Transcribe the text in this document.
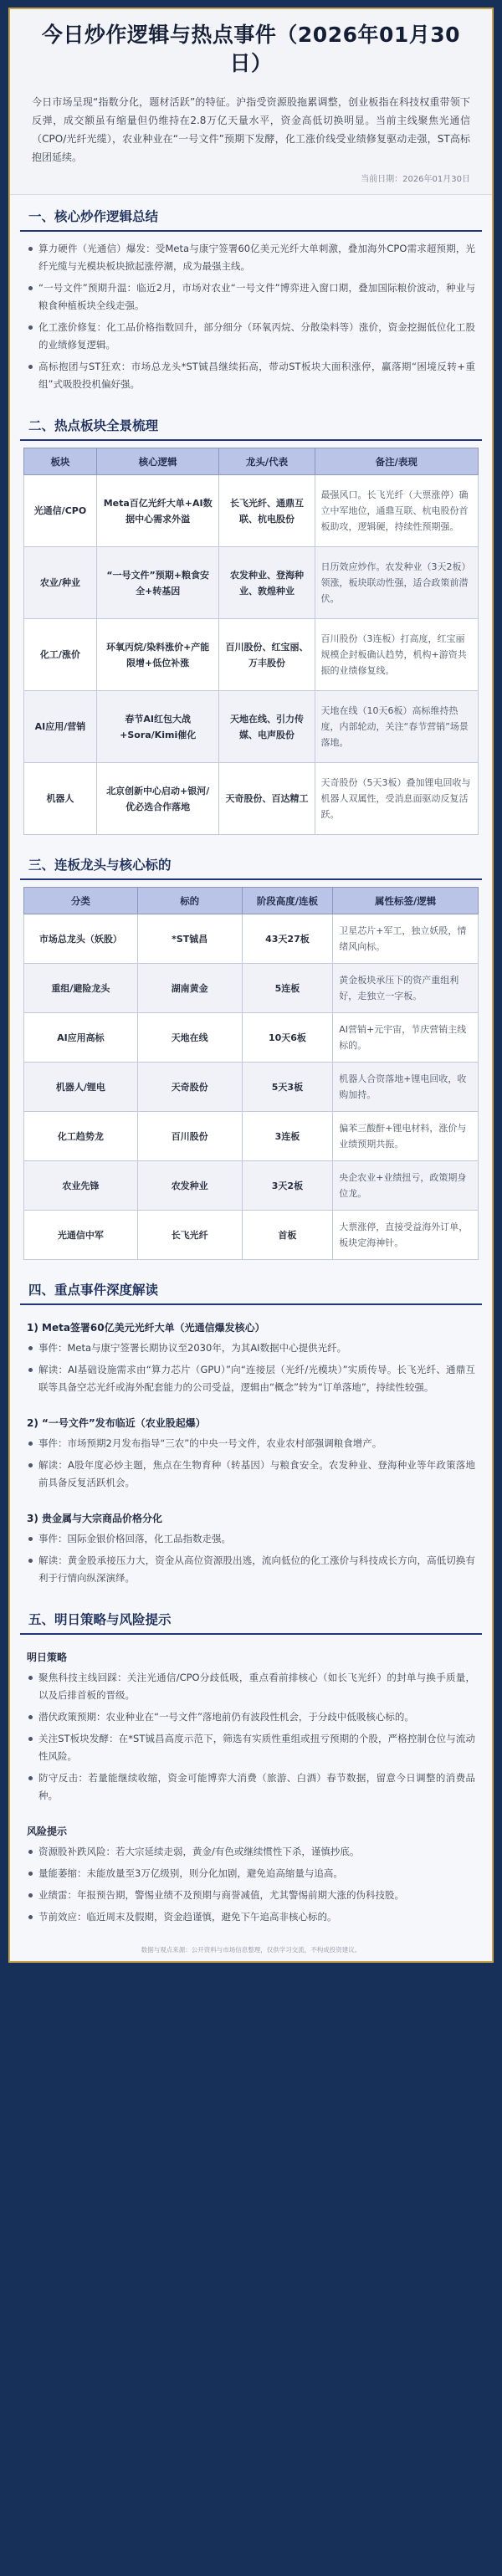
今日炒作逻辑与热点事件（2026年01月30日）

今日市场呈现“指数分化，题材活跃”的特征。沪指受资源股拖累调整，创业板指在科技权重带领下反弹，成交额虽有缩量但仍维持在2.8万亿天量水平，资金高低切换明显。当前主线聚焦光通信（CPO/光纤光缆），农业种业在“一号文件”预期下发酵，化工涨价线受业绩修复驱动走强，ST高标抱团延续。

当前日期：2026年01月30日

一、核心炒作逻辑总结
算力硬件（光通信）爆发：受Meta与康宁签署60亿美元光纤大单刺激，叠加海外CPO需求超预期，光纤光缆与光模块板块掀起涨停潮，成为最强主线。
“一号文件”预期升温：临近2月，市场对农业“一号文件”博弈进入窗口期，叠加国际粮价波动，种业与粮食种植板块全线走强。
化工涨价修复：化工品价格指数回升，部分细分（环氧丙烷、分散染料等）涨价，资金挖掘低位化工股的业绩修复逻辑。
高标抱团与ST狂欢：市场总龙头*ST铖昌继续拓高，带动ST板块大面积涨停，赢落期“困境反转+重组”式吸股投机偏好强。
二、热点板块全景梳理
板块	核心逻辑	龙头/代表	备注/表现
光通信/CPO	Meta百亿光纤大单+AI数据中心需求外溢	长飞光纤、通鼎互联、杭电股份	最强风口。长飞光纤（大票涨停）确立中军地位，通鼎互联、杭电股份首板助攻，逻辑硬，持续性预期强。
农业/种业	“一号文件”预期+粮食安全+转基因	农发种业、登海种业、敦煌种业	日历效应炒作。农发种业（3天2板）领涨，板块联动性强，适合政策前潜伏。
化工/涨价	环氧丙烷/染料涨价+产能限增+低位补涨	百川股份、红宝丽、万丰股份	百川股份（3连板）打高度，红宝丽规模企封板确认趋势，机构+游资共振的业绩修复线。
AI应用/营销	春节AI红包大战+Sora/Kimi催化	天地在线、引力传媒、电声股份	天地在线（10天6板）高标维持热度，内部轮动，关注“春节营销”场景落地。
机器人	北京创新中心启动+银河/优必选合作落地	天奇股份、百达精工	天奇股份（5天3板）叠加锂电回收与机器人双属性，受消息面驱动反复活跃。
三、连板龙头与核心标的
分类	标的	阶段高度/连板	属性标签/逻辑
市场总龙头（妖股）	*ST铖昌	43天27板	卫星芯片+军工，独立妖股，情绪风向标。
重组/避险龙头	湖南黄金	5连板	黄金板块承压下的资产重组利好，走独立一字板。
AI应用高标	天地在线	10天6板	AI营销+元宇宙，节庆营销主线标的。
机器人/锂电	天奇股份	5天3板	机器人合资落地+锂电回收，收购加持。
化工趋势龙	百川股份	3连板	偏苯三酸酐+锂电材料，涨价与业绩预期共振。
农业先锋	农发种业	3天2板	央企农业+业绩扭亏，政策期身位龙。
光通信中军	长飞光纤	首板	大票涨停，直接受益海外订单，板块定海神针。
四、重点事件深度解读
1) Meta签署60亿美元光纤大单（光通信爆发核心）
事件：Meta与康宁签署长期协议至2030年，为其AI数据中心提供光纤。
解读：AI基础设施需求由“算力芯片（GPU）”向“连接层（光纤/光模块）”实质传导。长飞光纤、通鼎互联等具备空芯光纤或海外配套能力的公司受益，逻辑由“概念”转为“订单落地”，持续性较强。
2) “一号文件”发布临近（农业股起爆）
事件：市场预期2月发布指导“三农”的中央一号文件，农业农村部强调粮食增产。
解读：A股年度必炒主题，焦点在生物育种（转基因）与粮食安全。农发种业、登海种业等年政策落地前具备反复活跃机会。
3) 贵金属与大宗商品价格分化
事件：国际金银价格回落，化工品指数走强。
解读：黄金股承接压力大，资金从高位资源股出逃，流向低位的化工涨价与科技成长方向，高低切换有利于行情向纵深演绎。
五、明日策略与风险提示
明日策略
聚焦科技主线回踩：关注光通信/CPO分歧低吸，重点看前排核心（如长飞光纤）的封单与换手质量，以及后排首板的晋级。
潜伏政策预期：农业种业在“一号文件”落地前仍有波段性机会，于分歧中低吸核心标的。
关注ST板块发酵：在*ST铖昌高度示范下，筛选有实质性重组或扭亏预期的个股，严格控制仓位与流动性风险。
防守反击：若量能继续收缩，资金可能博弈大消费（旅游、白酒）春节数据，留意今日调整的消费品种。
风险提示
资源股补跌风险：若大宗延续走弱，黄金/有色或继续惯性下杀，谨慎抄底。
量能萎缩：未能放量至3万亿级别，则分化加剧，避免追高缩量与追高。
业绩雷：年报预告期，警惕业绩不及预期与商誉减值，尤其警惕前期大涨的伪科技股。
节前效应：临近周末及假期，资金趋谨慎，避免下午追高非核心标的。
数据与观点来源：公开资料与市场信息整理，仅供学习交流，不构成投资建议。
